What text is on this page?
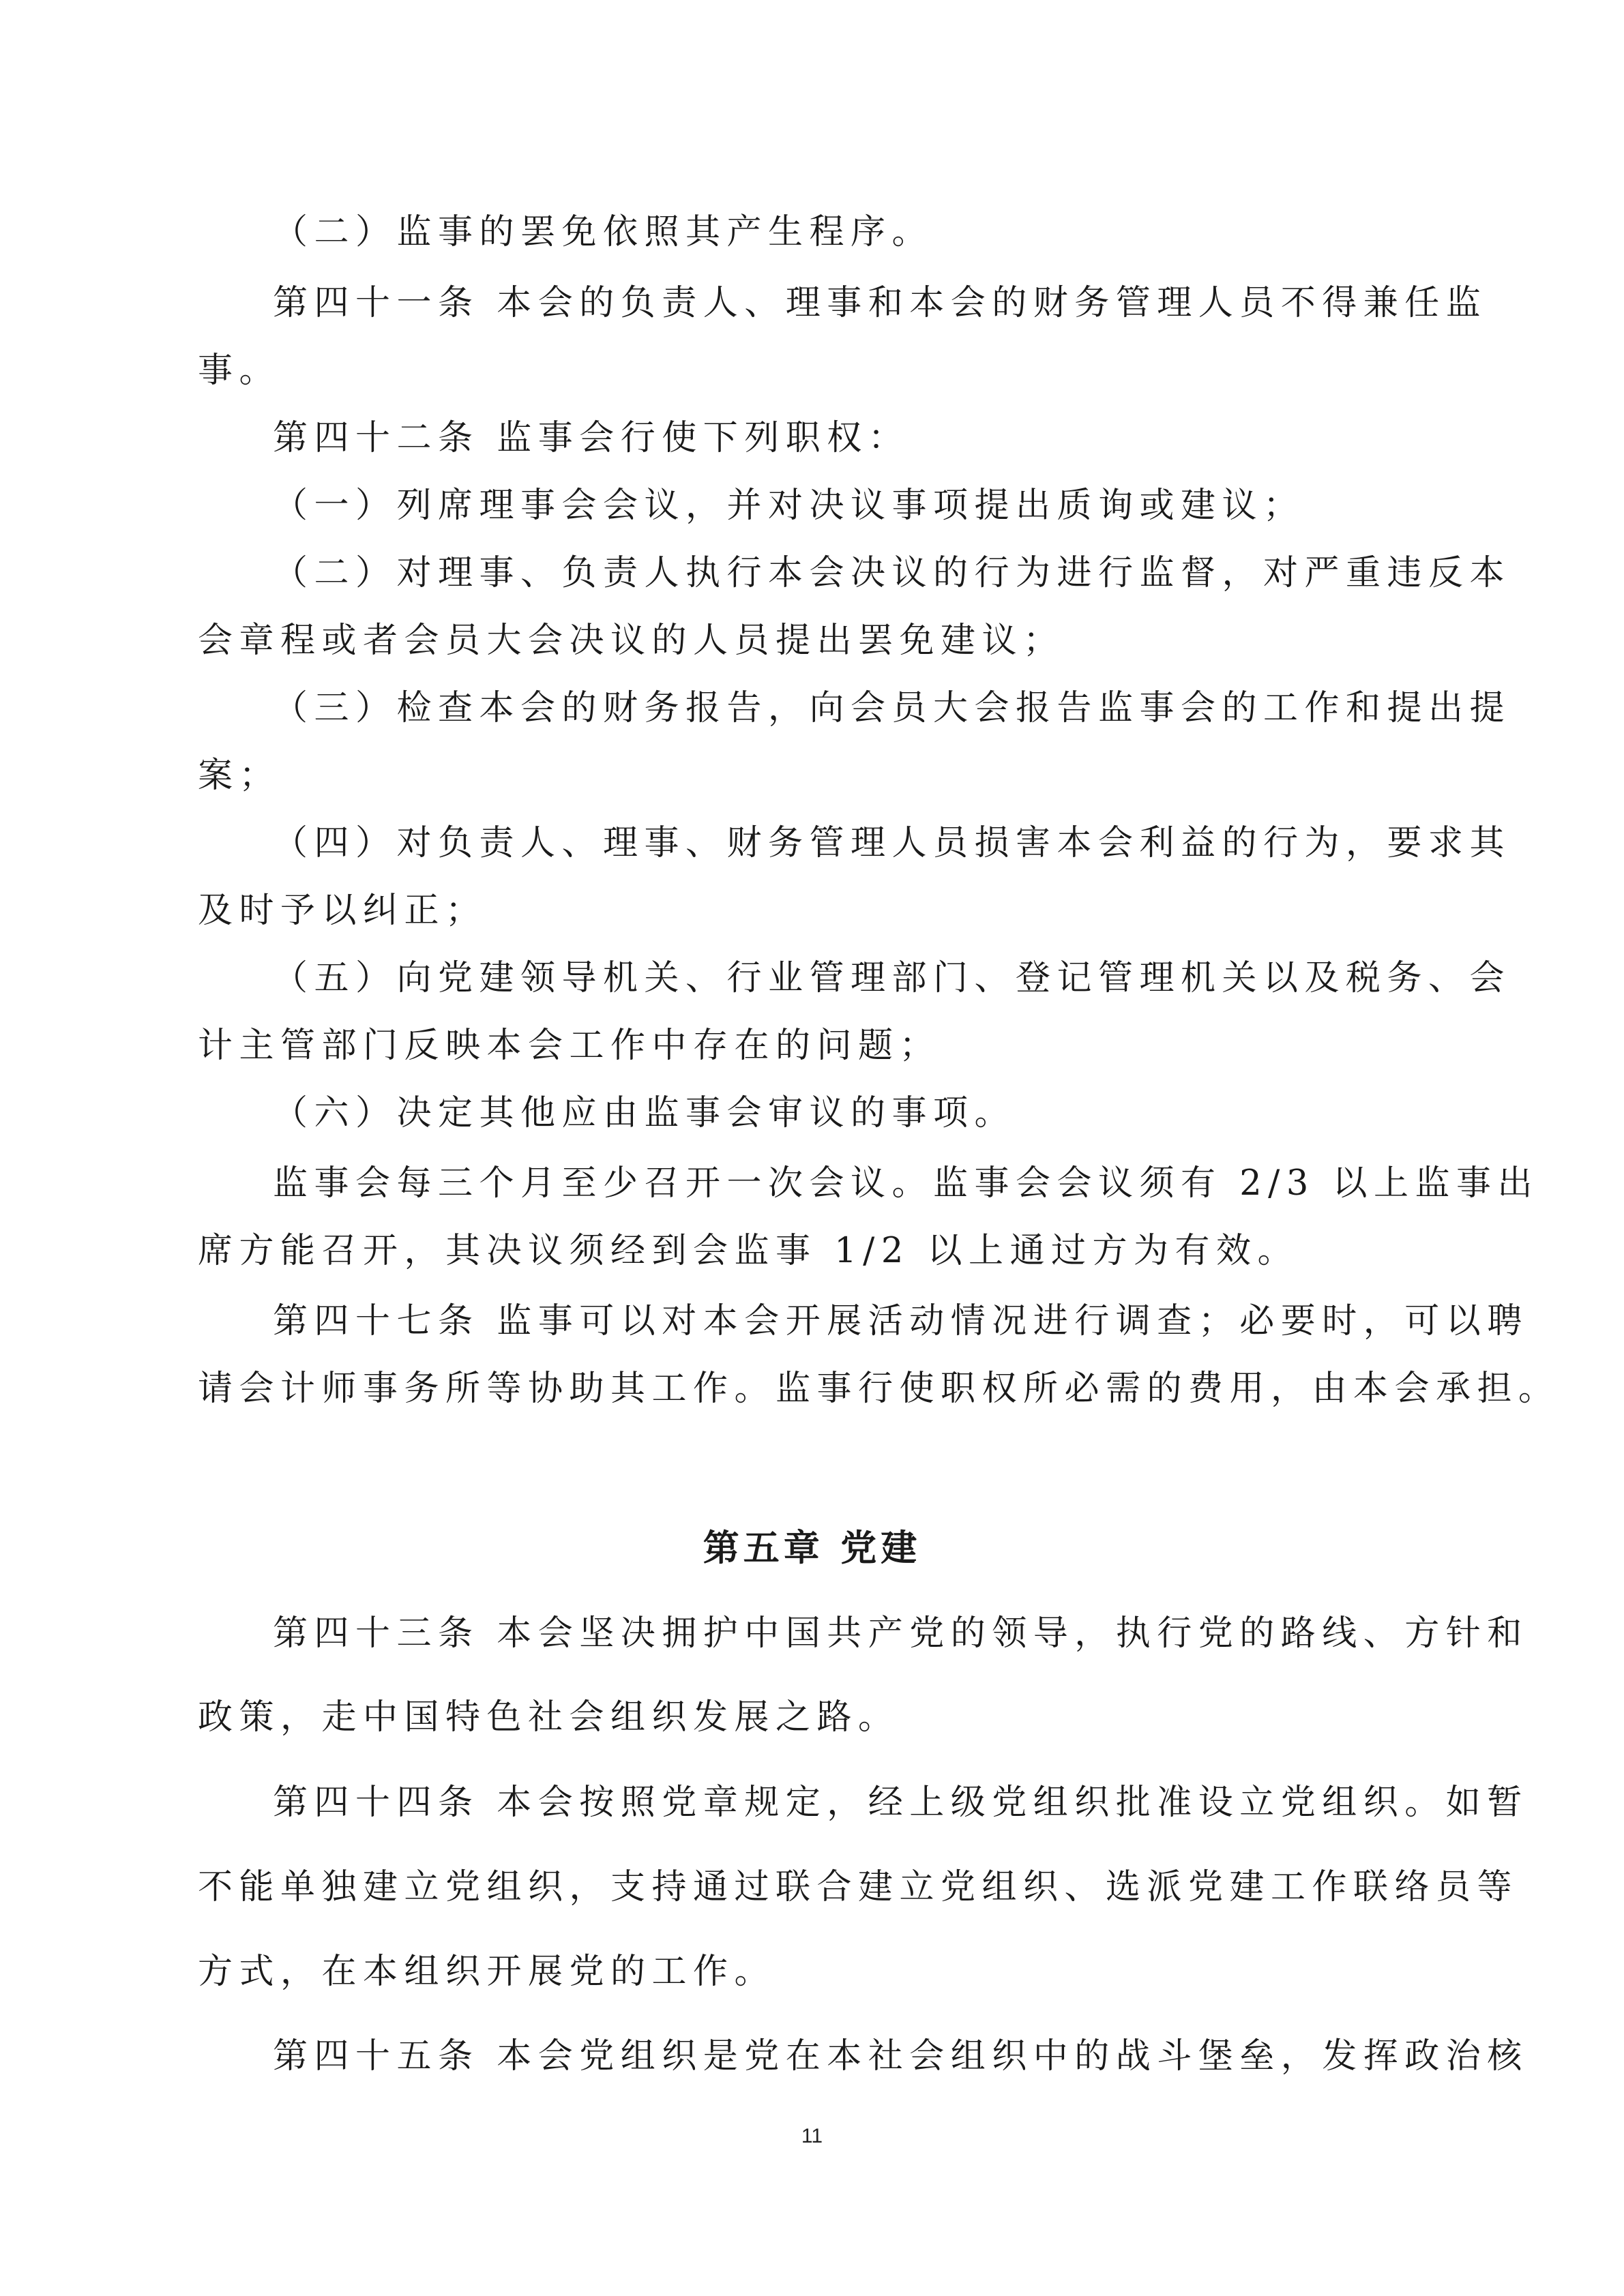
（二）监事的罢免依照其产生程序。
第四十一条 本会的负责人、理事和本会的财务管理人员不得兼任监
事。
第四十二条 监事会行使下列职权：
（一）列席理事会会议，并对决议事项提出质询或建议；
（二）对理事、负责人执行本会决议的行为进行监督，对严重违反本
会章程或者会员大会决议的人员提出罢免建议；
（三）检查本会的财务报告，向会员大会报告监事会的工作和提出提
案；
（四）对负责人、理事、财务管理人员损害本会利益的行为，要求其
及时予以纠正；
（五）向党建领导机关、行业管理部门、登记管理机关以及税务、会
计主管部门反映本会工作中存在的问题；
（六）决定其他应由监事会审议的事项。
监事会每三个月至少召开一次会议。监事会会议须有 2/3 以上监事出
席方能召开，其决议须经到会监事 1/2 以上通过方为有效。
第四十七条 监事可以对本会开展活动情况进行调查；必要时，可以聘
请会计师事务所等协助其工作。监事行使职权所必需的费用，由本会承担。
第五章 党建
第四十三条 本会坚决拥护中国共产党的领导，执行党的路线、方针和
政策，走中国特色社会组织发展之路。
第四十四条 本会按照党章规定，经上级党组织批准设立党组织。如暂
不能单独建立党组织，支持通过联合建立党组织、选派党建工作联络员等
方式，在本组织开展党的工作。
第四十五条 本会党组织是党在本社会组织中的战斗堡垒，发挥政治核
11
